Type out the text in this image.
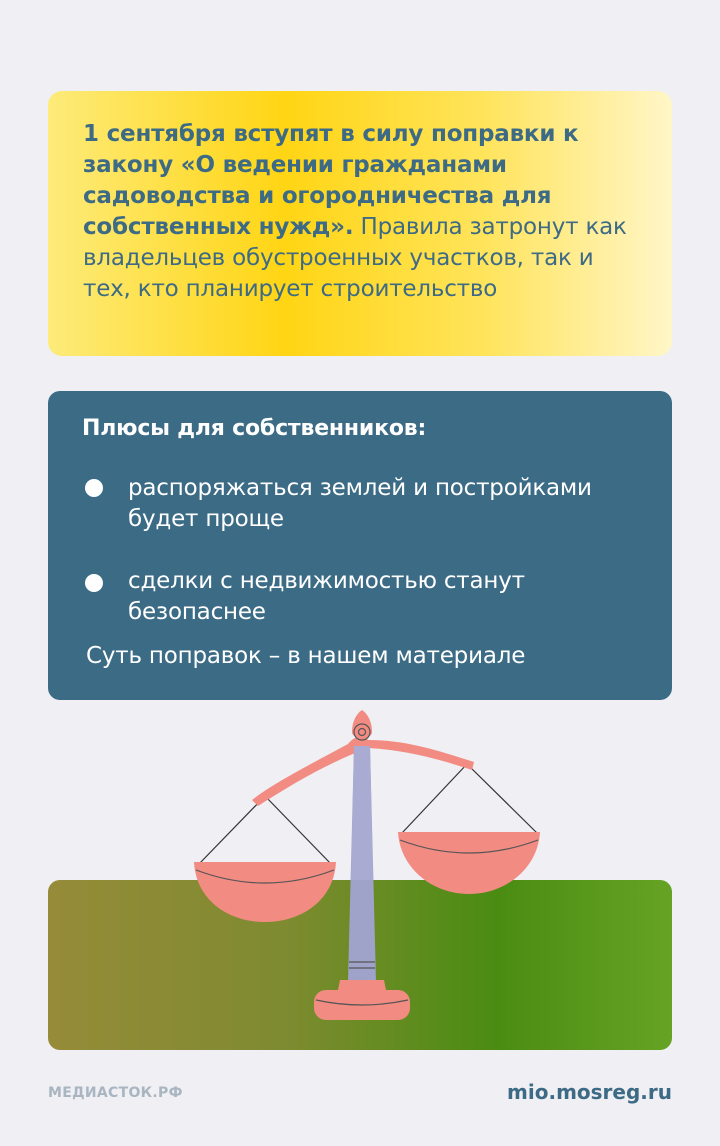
1 сентября вступят в силу поправки к закону «О ведении гражданами садоводства и огородничества для собственных нужд». Правила затронут как владельцев обустроенных участков, так и тех, кто планирует строительство

Плюсы для собственников:

распоряжаться землей и постройками будет проще

сделки с недвижимостью станут безопаснее

Суть поправок – в нашем материале

МЕДИАСТОК.РФ	mio.mosreg.ru
